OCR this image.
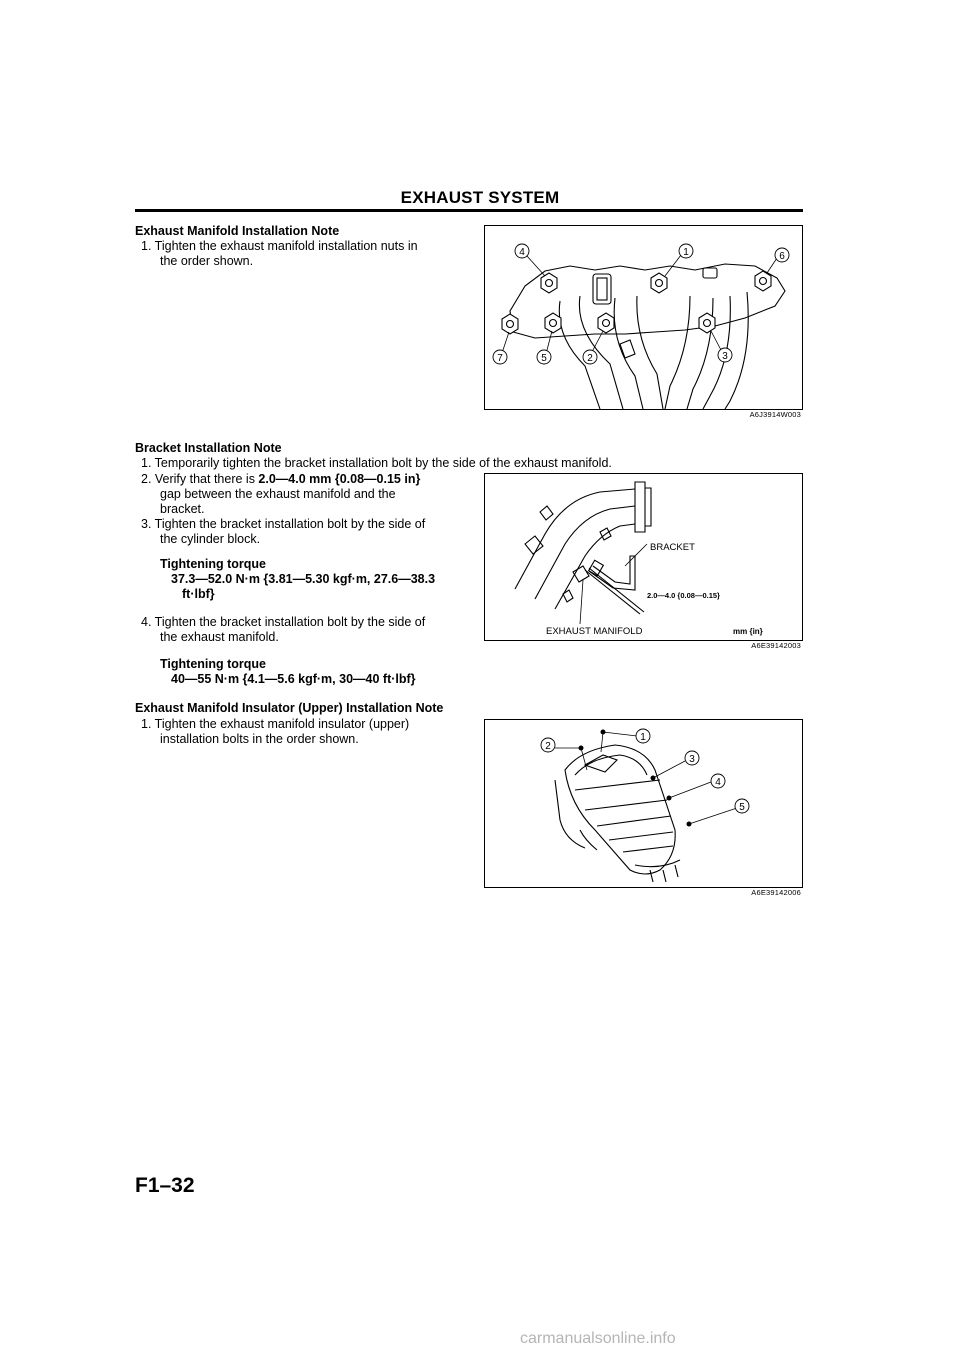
EXHAUST SYSTEM
Exhaust Manifold Installation Note
1. Tighten the exhaust manifold installation nuts in
the order shown.
4	1	6
7	5	2	3
A6J3914W003
Bracket Installation Note
1. Temporarily tighten the bracket installation bolt by the side of the exhaust manifold.
2. Verify that there is 2.0—4.0 mm {0.08—0.15 in}
gap between the exhaust manifold and the
bracket.
3. Tighten the bracket installation bolt by the side of
the cylinder block.
Tightening torque
37.3—52.0 N·m {3.81—5.30 kgf·m, 27.6—38.3
ft·lbf}
4. Tighten the bracket installation bolt by the side of
the exhaust manifold.
Tightening torque
40—55 N·m {4.1—5.6 kgf·m, 30—40 ft·lbf}
BRACKET
2.0—4.0 {0.08—0.15}
EXHAUST MANIFOLD	mm {in}
A6E39142003
Exhaust Manifold Insulator (Upper) Installation Note
1. Tighten the exhaust manifold insulator (upper)
installation bolts in the order shown.	1
2
3
4
5
A6E39142006
F1–32
carmanualsonline.info
